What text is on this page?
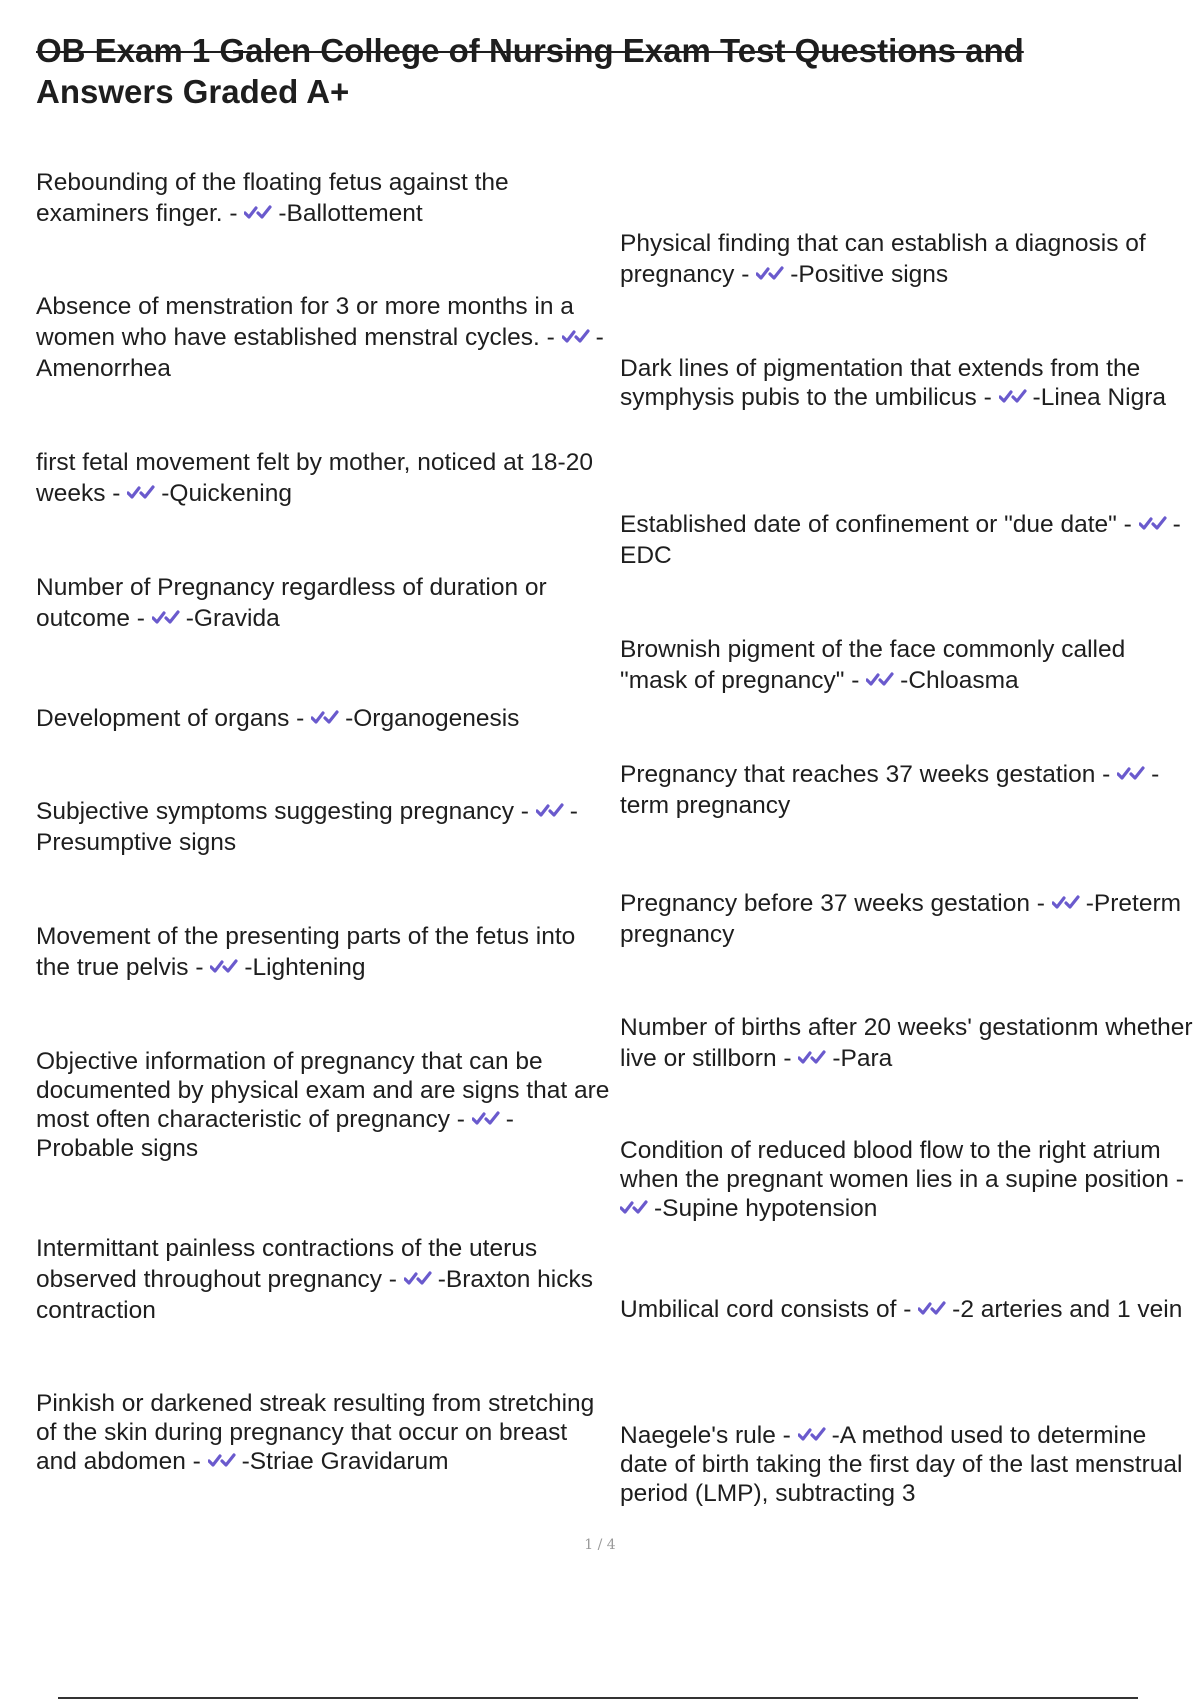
OB Exam 1 Galen College of Nursing Exam Test Questions and
Answers Graded A+
Rebounding of the floating fetus against the examiners finger. - -Ballottement
Absence of menstration for 3 or more months in a women who have established menstral cycles. - -Amenorrhea
first fetal movement felt by mother, noticed at 18-20 weeks - -Quickening
Number of Pregnancy regardless of duration or outcome - -Gravida
Development of organs - -Organogenesis
Subjective symptoms suggesting pregnancy - -Presumptive signs
Movement of the presenting parts of the fetus into the true pelvis - -Lightening
Objective information of pregnancy that can be documented by physical exam and are signs that are most often characteristic of pregnancy - -Probable signs
Intermittant painless contractions of the uterus observed throughout pregnancy - -Braxton hicks contraction
Pinkish or darkened streak resulting from stretching of the skin during pregnancy that occur on breast and abdomen - -Striae Gravidarum
Physical finding that can establish a diagnosis of pregnancy - -Positive signs
Dark lines of pigmentation that extends from the symphysis pubis to the umbilicus - -Linea Nigra
Established date of confinement or "due date" - -EDC
Brownish pigment of the face commonly called "mask of pregnancy" - -Chloasma
Pregnancy that reaches 37 weeks gestation - -term pregnancy
Pregnancy before 37 weeks gestation - -Preterm pregnancy
Number of births after 20 weeks' gestationm whether live or stillborn - -Para
Condition of reduced blood flow to the right atrium when the pregnant women lies in a supine position -
-Supine hypotension
Umbilical cord consists of - -2 arteries and 1 vein
Naegele's rule - -A method used to determine date of birth taking the first day of the last menstrual period (LMP), subtracting 3
1 / 4
